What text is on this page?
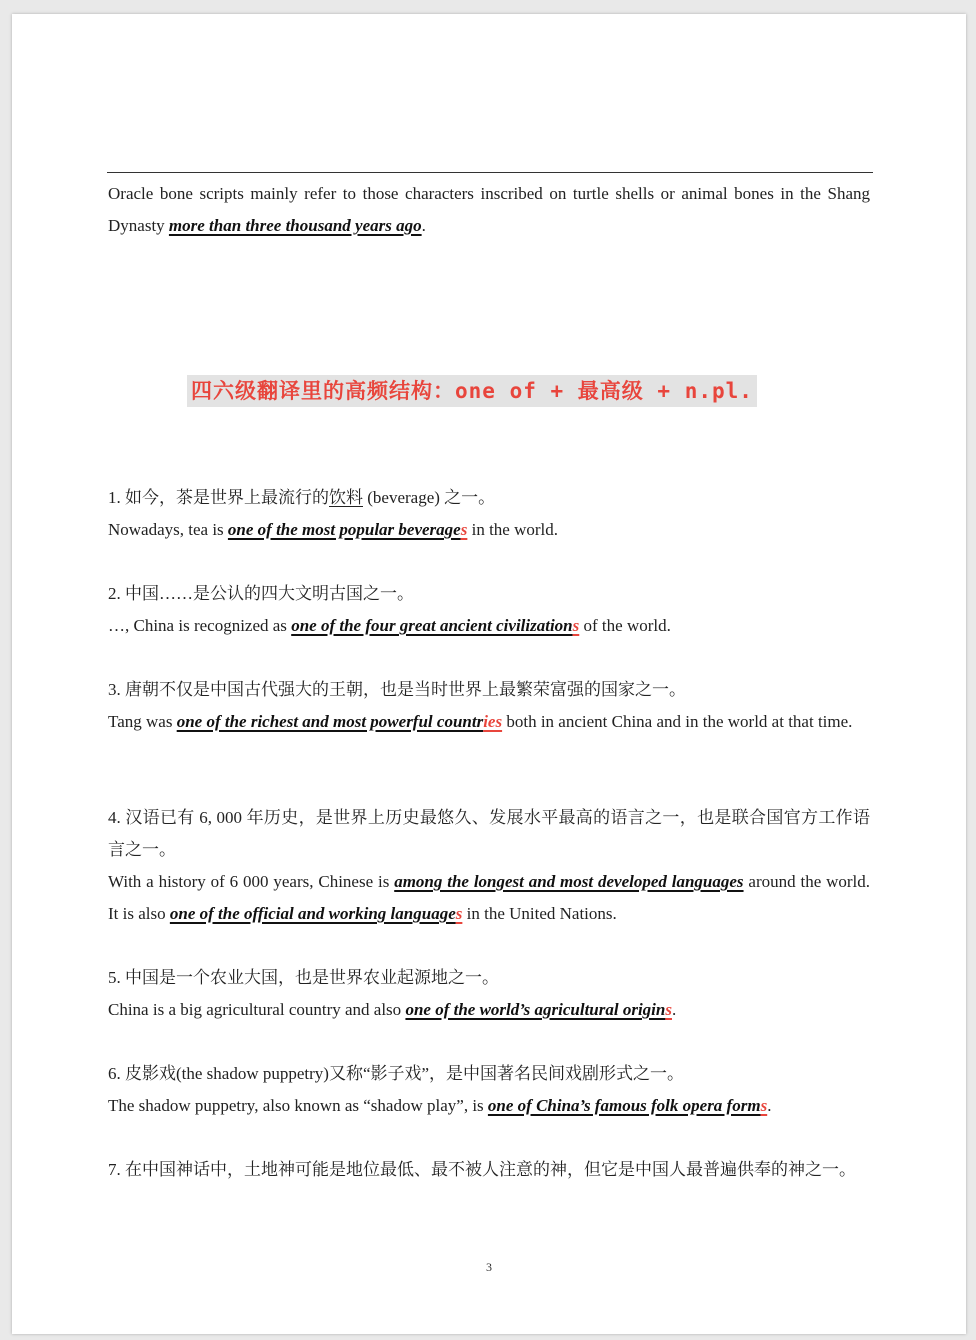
Oracle bone scripts mainly refer to those characters inscribed on turtle shells or animal bones in the Shang Dynasty more than three thousand years ago.
四六级翻译里的高频结构：one of + 最高级 + n.pl.
1. 如今，茶是世界上最流行的饮料 (beverage) 之一。
Nowadays, tea is one of the most popular beverages in the world.
2. 中国……是公认的四大文明古国之一。
…, China is recognized as one of the four great ancient civilizations of the world.
3. 唐朝不仅是中国古代强大的王朝，也是当时世界上最繁荣富强的国家之一。
Tang was one of the richest and most powerful countries both in ancient China and in the world at that time.
4. 汉语已有 6, 000 年历史，是世界上历史最悠久、发展水平最高的语言之一，也是联合国官方工作语言之一。
With a history of 6 000 years, Chinese is among the longest and most developed languages around the world. It is also one of the official and working languages in the United Nations.
5. 中国是一个农业大国，也是世界农业起源地之一。
China is a big agricultural country and also one of the world’s agricultural origins.
6. 皮影戏(the shadow puppetry)又称“影子戏”，是中国著名民间戏剧形式之一。
The shadow puppetry, also known as “shadow play”, is one of China’s famous folk opera forms.
7. 在中国神话中，土地神可能是地位最低、最不被人注意的神，但它是中国人最普遍供奉的神之一。
3
